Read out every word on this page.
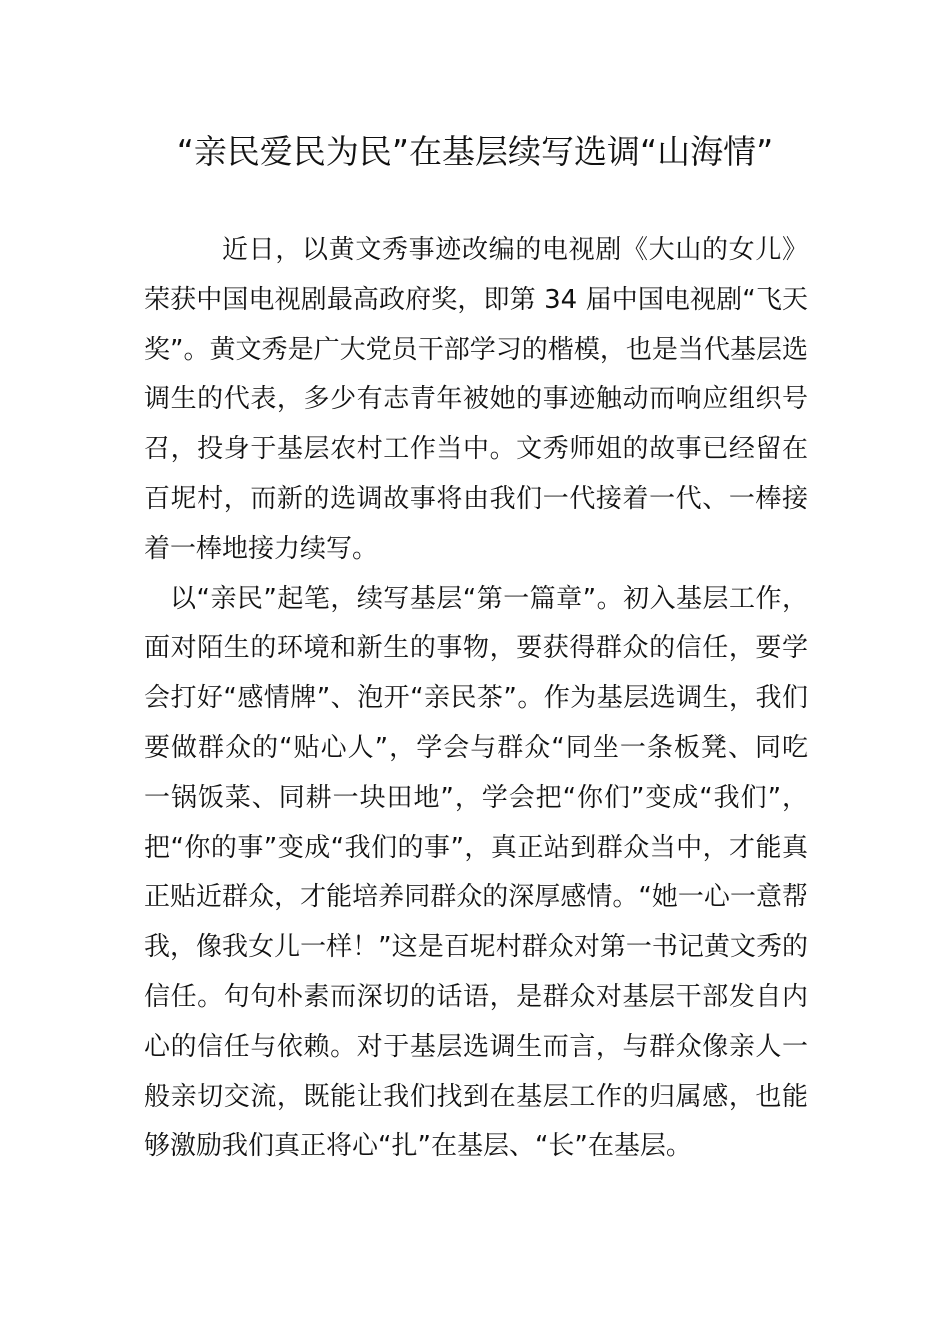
“亲民爱民为民”在基层续写选调“山海情”

近日，以黄文秀事迹改编的电视剧《大山的女儿》荣获中国电视剧最高政府奖，即第 34 届中国电视剧“飞天奖”。黄文秀是广大党员干部学习的楷模，也是当代基层选调生的代表，多少有志青年被她的事迹触动而响应组织号召，投身于基层农村工作当中。文秀师姐的故事已经留在百坭村，而新的选调故事将由我们一代接着一代、一棒接着一棒地接力续写。

以“亲民”起笔，续写基层“第一篇章”。初入基层工作，面对陌生的环境和新生的事物，要获得群众的信任，要学会打好“感情牌”、泡开“亲民茶”。作为基层选调生，我们要做群众的“贴心人”，学会与群众“同坐一条板凳、同吃一锅饭菜、同耕一块田地”，学会把“你们”变成“我们”，把“你的事”变成“我们的事”，真正站到群众当中，才能真正贴近群众，才能培养同群众的深厚感情。“她一心一意帮我，像我女儿一样！”这是百坭村群众对第一书记黄文秀的信任。句句朴素而深切的话语，是群众对基层干部发自内心的信任与依赖。对于基层选调生而言，与群众像亲人一般亲切交流，既能让我们找到在基层工作的归属感，也能够激励我们真正将心“扎”在基层、“长”在基层。
